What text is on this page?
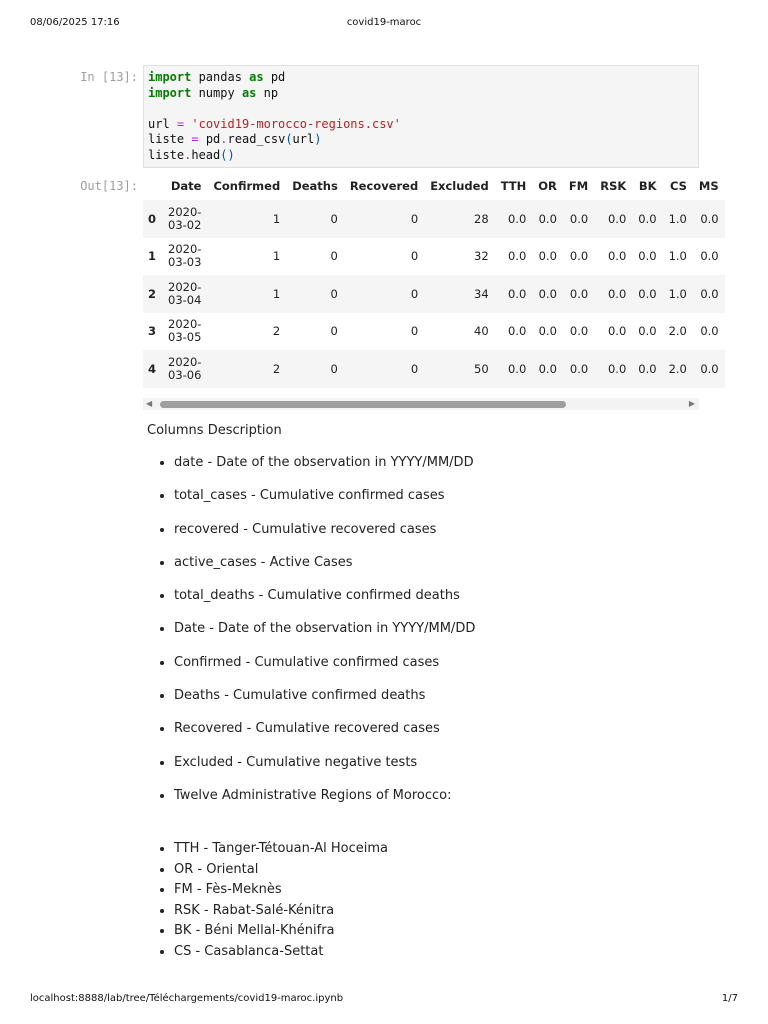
08/06/2025 17:16	covid19-maroc
In [13]: import pandas as pd
import numpy as np

url = 'covid19-morocco-regions.csv'
liste = pd.read_csv(url)
liste.head()
Out[13]:
		Date	Confirmed	Deaths	Recovered	Excluded	TTH	OR	FM	RSK	BK	CS	MS
0	2020-
03-02	1	0	0	28	0.0	0.0	0.0	0.0	0.0	1.0	0.0
1	2020-
03-03	1	0	0	32	0.0	0.0	0.0	0.0	0.0	1.0	0.0
2	2020-
03-04	1	0	0	34	0.0	0.0	0.0	0.0	0.0	1.0	0.0
3	2020-
03-05	2	0	0	40	0.0	0.0	0.0	0.0	0.0	2.0	0.0
4	2020-
03-06	2	0	0	50	0.0	0.0	0.0	0.0	0.0	2.0	0.0
◀	▶

Columns Description

• date - Date of the observation in YYYY/MM/DD
• total_cases - Cumulative confirmed cases
• recovered - Cumulative recovered cases
• active_cases - Active Cases
• total_deaths - Cumulative confirmed deaths
• Date - Date of the observation in YYYY/MM/DD
• Confirmed - Cumulative confirmed cases
• Deaths - Cumulative confirmed deaths
• Recovered - Cumulative recovered cases
• Excluded - Cumulative negative tests
• Twelve Administrative Regions of Morocco:
• TTH - Tanger-Tétouan-Al Hoceima
• OR - Oriental
• FM - Fès-Meknès
• RSK - Rabat-Salé-Kénitra
• BK - Béni Mellal-Khénifra
• CS - Casablanca-Settat
localhost:8888/lab/tree/Téléchargements/covid19-maroc.ipynb	1/7
